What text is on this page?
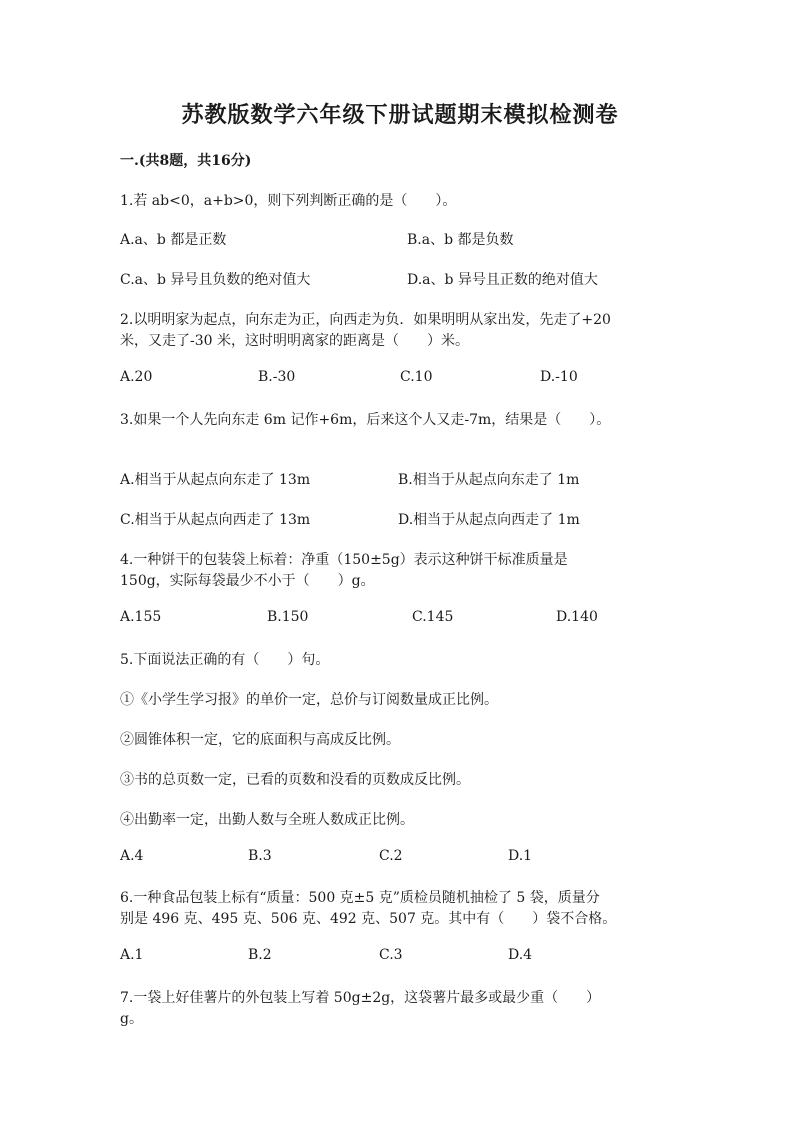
苏教版数学六年级下册试题期末模拟检测卷
一.(共8题，共16分)
1.若 ab<0，a+b>0，则下列判断正确的是（　　）。
A.a、b 都是正数	B.a、b 都是负数
C.a、b 异号且负数的绝对值大	D.a、b 异号且正数的绝对值大
2.以明明家为起点，向东走为正，向西走为负．如果明明从家出发，先走了+20
米，又走了-30 米，这时明明离家的距离是（　　）米。
A.20	B.-30	C.10	D.-10
3.如果一个人先向东走 6m 记作+6m，后来这个人又走-7m，结果是（　　）。
A.相当于从起点向东走了 13m	B.相当于从起点向东走了 1m
C.相当于从起点向西走了 13m	D.相当于从起点向西走了 1m
4.一种饼干的包装袋上标着：净重（150±5g）表示这种饼干标准质量是
150g，实际每袋最少不小于（　　）g。
A.155	B.150	C.145	D.140
5.下面说法正确的有（　　）句。
①《小学生学习报》的单价一定，总价与订阅数量成正比例。
②圆锥体积一定，它的底面积与高成反比例。
③书的总页数一定，已看的页数和没看的页数成反比例。
④出勤率一定，出勤人数与全班人数成正比例。
A.4	B.3	C.2	D.1
6.一种食品包装上标有“质量：500 克±5 克”质检员随机抽检了 5 袋，质量分
别是 496 克、495 克、506 克、492 克、507 克。其中有（　　）袋不合格。
A.1	B.2	C.3	D.4
7.一袋上好佳薯片的外包装上写着 50g±2g，这袋薯片最多或最少重（　　）
g。
